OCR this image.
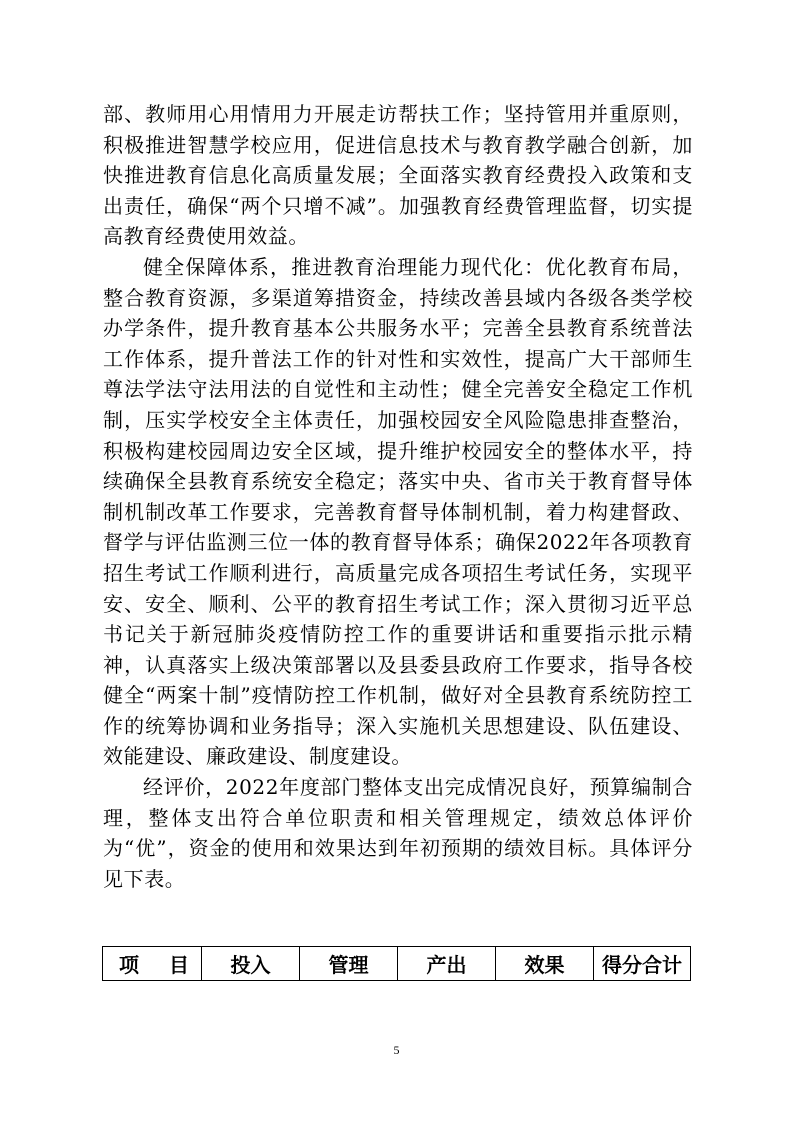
部、教师用心用情用力开展走访帮扶工作；坚持管用并重原则，积极推进智慧学校应用，促进信息技术与教育教学融合创新，加快推进教育信息化高质量发展；全面落实教育经费投入政策和支出责任，确保“两个只增不减”。加强教育经费管理监督，切实提高教育经费使用效益。

健全保障体系，推进教育治理能力现代化：优化教育布局，整合教育资源，多渠道筹措资金，持续改善县域内各级各类学校办学条件，提升教育基本公共服务水平；完善全县教育系统普法工作体系，提升普法工作的针对性和实效性，提高广大干部师生尊法学法守法用法的自觉性和主动性；健全完善安全稳定工作机制，压实学校安全主体责任，加强校园安全风险隐患排查整治，积极构建校园周边安全区域，提升维护校园安全的整体水平，持续确保全县教育系统安全稳定；落实中央、省市关于教育督导体制机制改革工作要求，完善教育督导体制机制，着力构建督政、督学与评估监测三位一体的教育督导体系；确保2022年各项教育招生考试工作顺利进行，高质量完成各项招生考试任务，实现平安、安全、顺利、公平的教育招生考试工作；深入贯彻习近平总书记关于新冠肺炎疫情防控工作的重要讲话和重要指示批示精神，认真落实上级决策部署以及县委县政府工作要求，指导各校健全“两案十制”疫情防控工作机制，做好对全县教育系统防控工作的统筹协调和业务指导；深入实施机关思想建设、队伍建设、效能建设、廉政建设、制度建设。

经评价，2022年度部门整体支出完成情况良好，预算编制合理，整体支出符合单位职责和相关管理规定，绩效总体评价为“优”，资金的使用和效果达到年初预期的绩效目标。具体评分见下表。

项　目	投入	管理	产出	效果	得分合计
5
